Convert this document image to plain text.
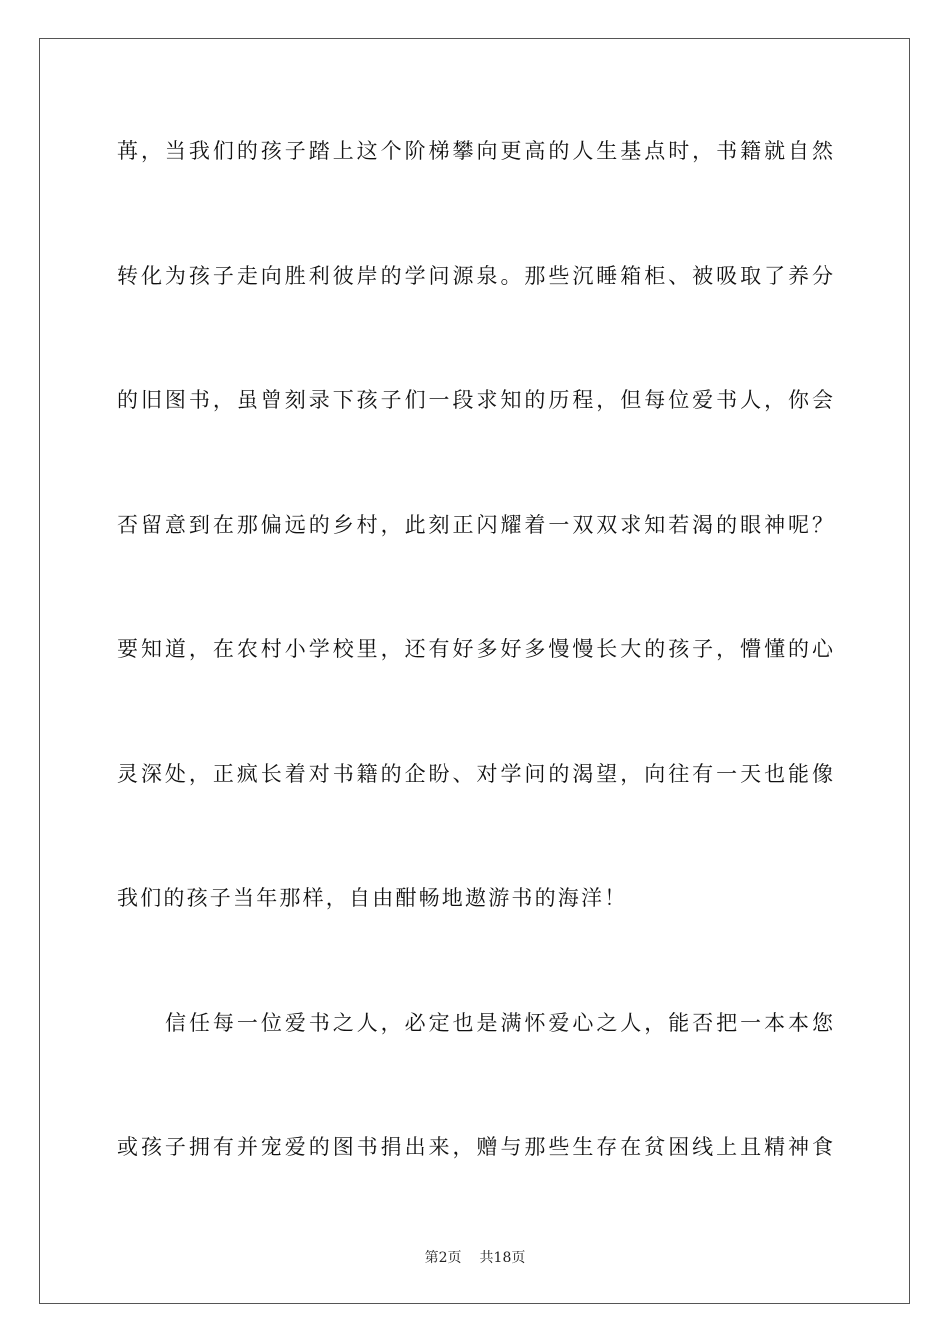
苒，当我们的孩子踏上这个阶梯攀向更高的人生基点时，书籍就自然
转化为孩子走向胜利彼岸的学问源泉。那些沉睡箱柜、被吸取了养分
的旧图书，虽曾刻录下孩子们一段求知的历程，但每位爱书人，你会
否留意到在那偏远的乡村，此刻正闪耀着一双双求知若渴的眼神呢？
要知道，在农村小学校里，还有好多好多慢慢长大的孩子，懵懂的心
灵深处，正疯长着对书籍的企盼、对学问的渴望，向往有一天也能像
我们的孩子当年那样，自由酣畅地遨游书的海洋！
信任每一位爱书之人，必定也是满怀爱心之人，能否把一本本您
或孩子拥有并宠爱的图书捐出来，赠与那些生存在贫困线上且精神食
第2页 共18页
